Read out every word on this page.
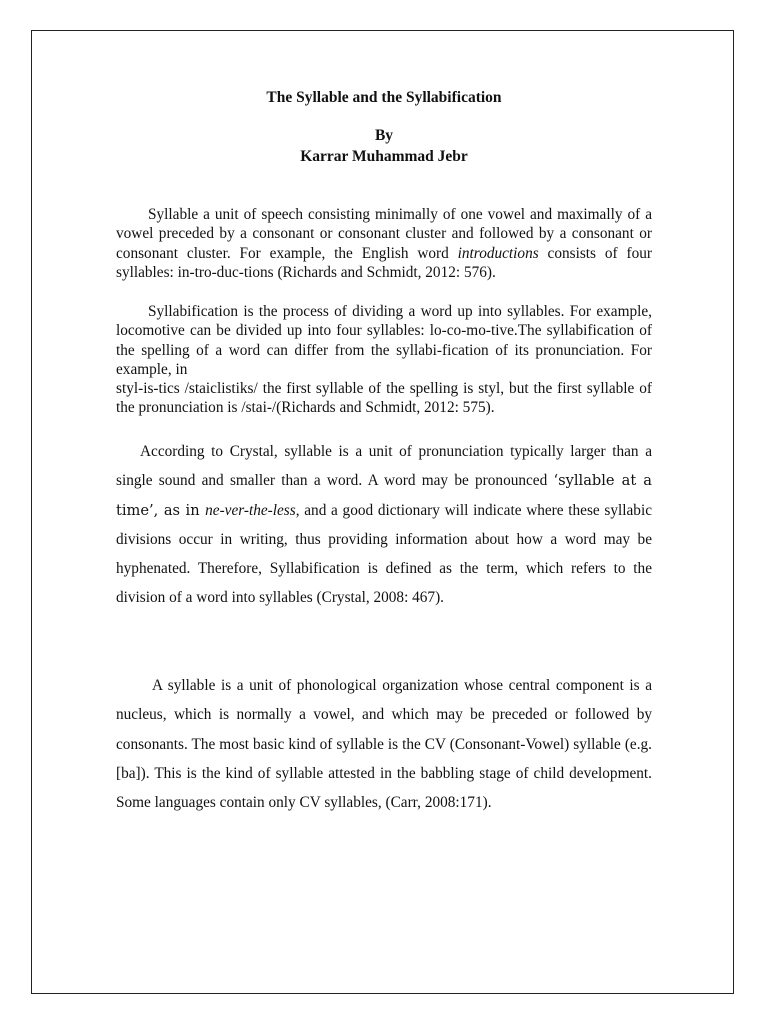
The Syllable and the Syllabification
By
Karrar Muhammad Jebr

Syllable a unit of speech consisting minimally of one vowel and maximally of a vowel preceded by a consonant or consonant cluster and followed by a consonant or consonant cluster. For example, the English word introductions consists of four syllables: in-tro-duc-tions (Richards and Schmidt, 2012: 576).

Syllabification is the process of dividing a word up into syllables. For example, locomotive can be divided up into four syllables: lo-co-mo-tive.The syllabification of the spelling of a word can differ from the syllabi-fication of its pronunciation. For example, in
styl-is-tics /staiclistiks/ the first syllable of the spelling is styl, but the first syllable of the pronunciation is /stai-/(Richards and Schmidt, 2012: 575).

According to Crystal, syllable is a unit of pronunciation typically larger than a single sound and smaller than a word. A word may be pronounced ‘syllable at a time’, as in ne-ver-the-less, and a good dictionary will indicate where these syllabic divisions occur in writing, thus providing information about how a word may be hyphenated. Therefore, Syllabification is defined as the term, which refers to the division of a word into syllables (Crystal, 2008: 467).

A syllable is a unit of phonological organization whose central component is a nucleus, which is normally a vowel, and which may be preceded or followed by consonants. The most basic kind of syllable is the CV (Consonant-Vowel) syllable (e.g. [ba]). This is the kind of syllable attested in the babbling stage of child development. Some languages contain only CV syllables, (Carr, 2008:171).
